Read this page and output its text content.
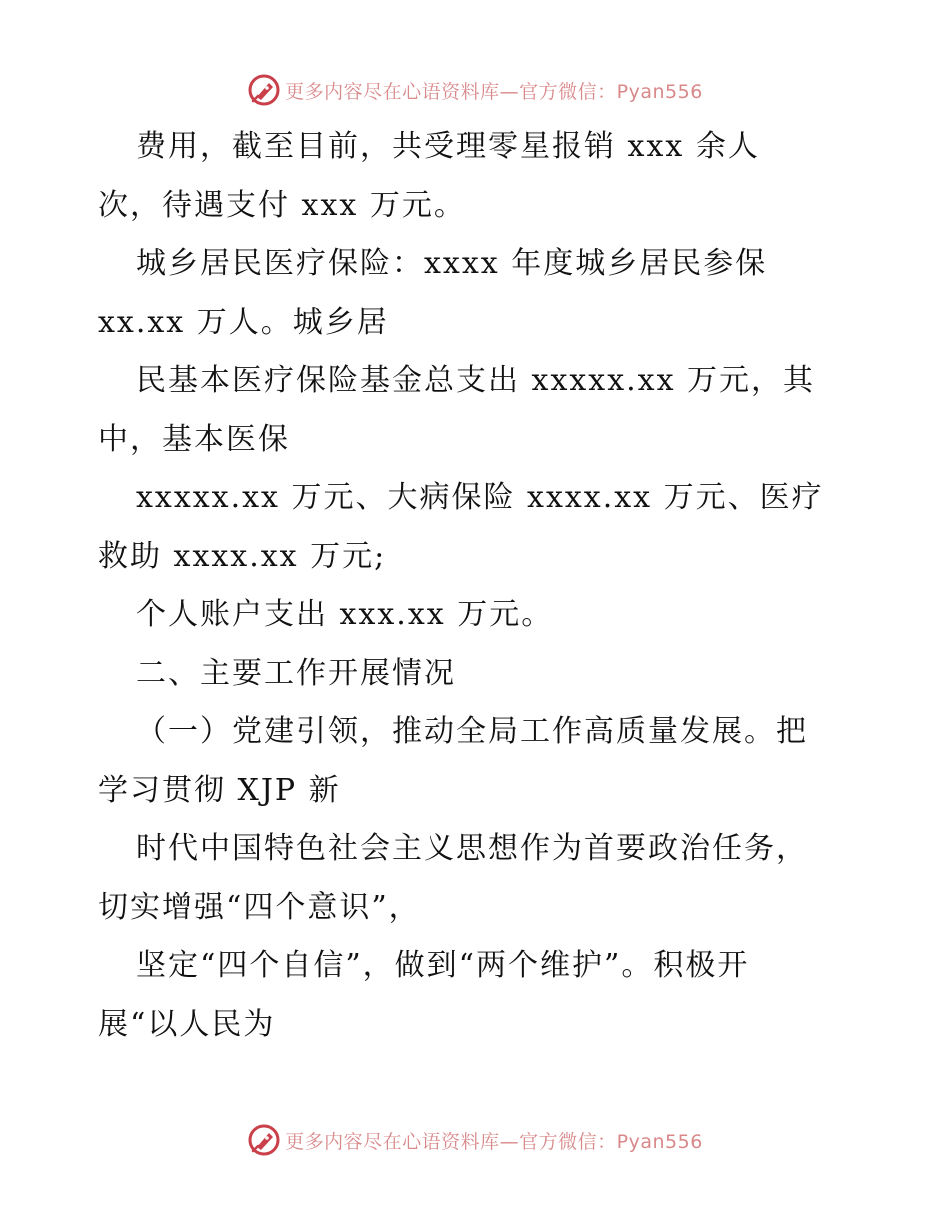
更多内容尽在心语资料库—官方微信：Pyan556
费用，截至目前，共受理零星报销 xxx 余人
次，待遇支付 xxx 万元。
城乡居民医疗保险：xxxx 年度城乡居民参保
xx.xx 万人。城乡居
民基本医疗保险基金总支出 xxxxx.xx 万元，其
中，基本医保
xxxxx.xx 万元、大病保险 xxxx.xx 万元、医疗
救助 xxxx.xx 万元;
个人账户支出 xxx.xx 万元。
二、主要工作开展情况
（一）党建引领，推动全局工作高质量发展。把
学习贯彻 XJP 新
时代中国特色社会主义思想作为首要政治任务，
切实增强“四个意识”，
坚定“四个自信”，做到“两个维护”。积极开
展“以人民为
更多内容尽在心语资料库—官方微信：Pyan556
